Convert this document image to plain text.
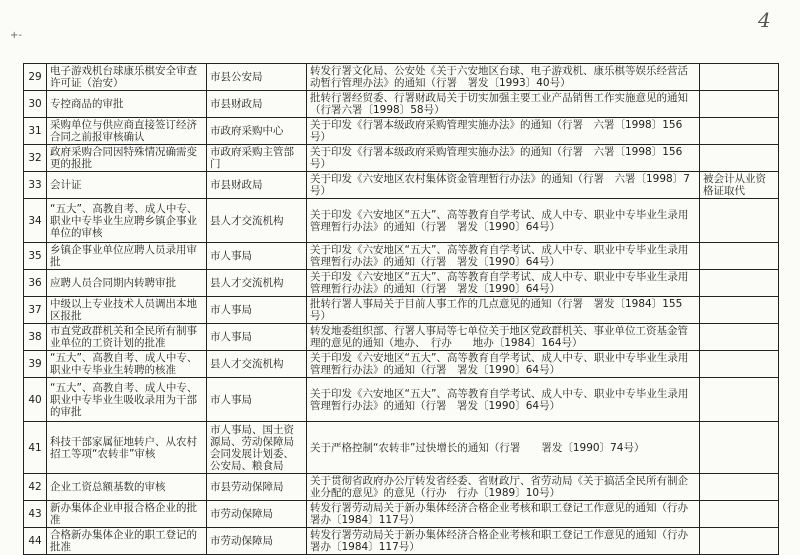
4
+-
29	电子游戏机台球康乐棋安全审查许可证（治安）	市县公安局	转发行署文化局、公安处《关于六安地区台球、电子游戏机、康乐棋等娱乐经营活动暂行管理办法》的通知（行署　署发〔1993〕40号）	
30	专控商品的审批	市县财政局	批转行署经贸委、行署财政局关于切实加强主要工业产品销售工作实施意见的通知（行署六署〔1998〕58号）	
31	采购单位与供应商直接签订经济合同之前报审核确认	市政府采购中心	关于印发《行署本级政府采购管理实施办法》的通知（行署　六署〔1998〕156号）	
32	政府采购合同因特殊情况确需变更的报批	市政府采购主管部门	关于印发《行署本级政府采购管理实施办法》的通知（行署　六署〔1998〕156号）	
33	会计证	市县财政局	关于印发《六安地区农村集体资金管理暂行办法》的通知（行署　六署〔1998〕7号）	被会计从业资格证取代
34	“五大”、高教自考、成人中专、职业中专毕业生应聘乡镇企事业单位的审核	县人才交流机构	关于印发《六安地区“五大”、高等教育自学考试、成人中专、职业中专毕业生录用管理暂行办法》的通知（行署　署发〔1990〕64号）	
35	乡镇企事业单位应聘人员录用审批	市人事局	关于印发《六安地区“五大”、高等教育自学考试、成人中专、职业中专毕业生录用管理暂行办法》的通知（行署　署发〔1990〕64号）	
36	应聘人员合同期内转聘审批	县人才交流机构	关于印发《六安地区“五大”、高等教育自学考试、成人中专、职业中专毕业生录用管理暂行办法》的通知（行署　署发〔1990〕64号）	
37	中级以上专业技术人员调出本地区报批	市人事局	批转行署人事局关于目前人事工作的几点意见的通知（行署　署发〔1984〕155号）	
38	市直党政群机关和全民所有制事业单位的工资计划的批准	市人事局	转发地委组织部、行署人事局等七单位关于地区党政群机关、事业单位工资基金管理的意见的通知（地办、　行办　　地办〔1984〕164号）	
39	“五大”、高教自考、成人中专、职业中专毕业生转聘的核准	县人才交流机构	关于印发《六安地区“五大”、高等教育自学考试、成人中专、职业中专毕业生录用管理暂行办法》的通知（行署　署发〔1990〕64号）	
40	“五大”、高教自考、成人中专、职业中专毕业生吸收录用为干部的审批	市人事局	关于印发《六安地区“五大”、高等教育自学考试、成人中专、职业中专毕业生录用管理暂行办法》的通知（行署　署发〔1990〕64号）	
41	科技干部家属征地转户、从农村招工等项“农转非”审核	市人事局、国土资源局、劳动保障局会同发展计划委、公安局、粮食局	关于严格控制“农转非”过快增长的通知（行署　　署发〔1990〕74号）	
42	企业工资总额基数的审核	市县劳动保障局	关于贯彻省政府办公厅转发省经委、省财政厅、省劳动局《关于搞活全民所有制企业分配的意见》的意见（行办　行办〔1989〕10号）	
43	新办集体企业申报合格企业的批准	市劳动保障局	转发行署劳动局关于新办集体经济合格企业考核和职工登记工作意见的通知（行办　署办〔1984〕117号）	
44	合格新办集体企业的职工登记的批准	市劳动保障局	转发行署劳动局关于新办集体经济合格企业考核和职工登记工作意见的通知（行办　署办〔1984〕117号）	
